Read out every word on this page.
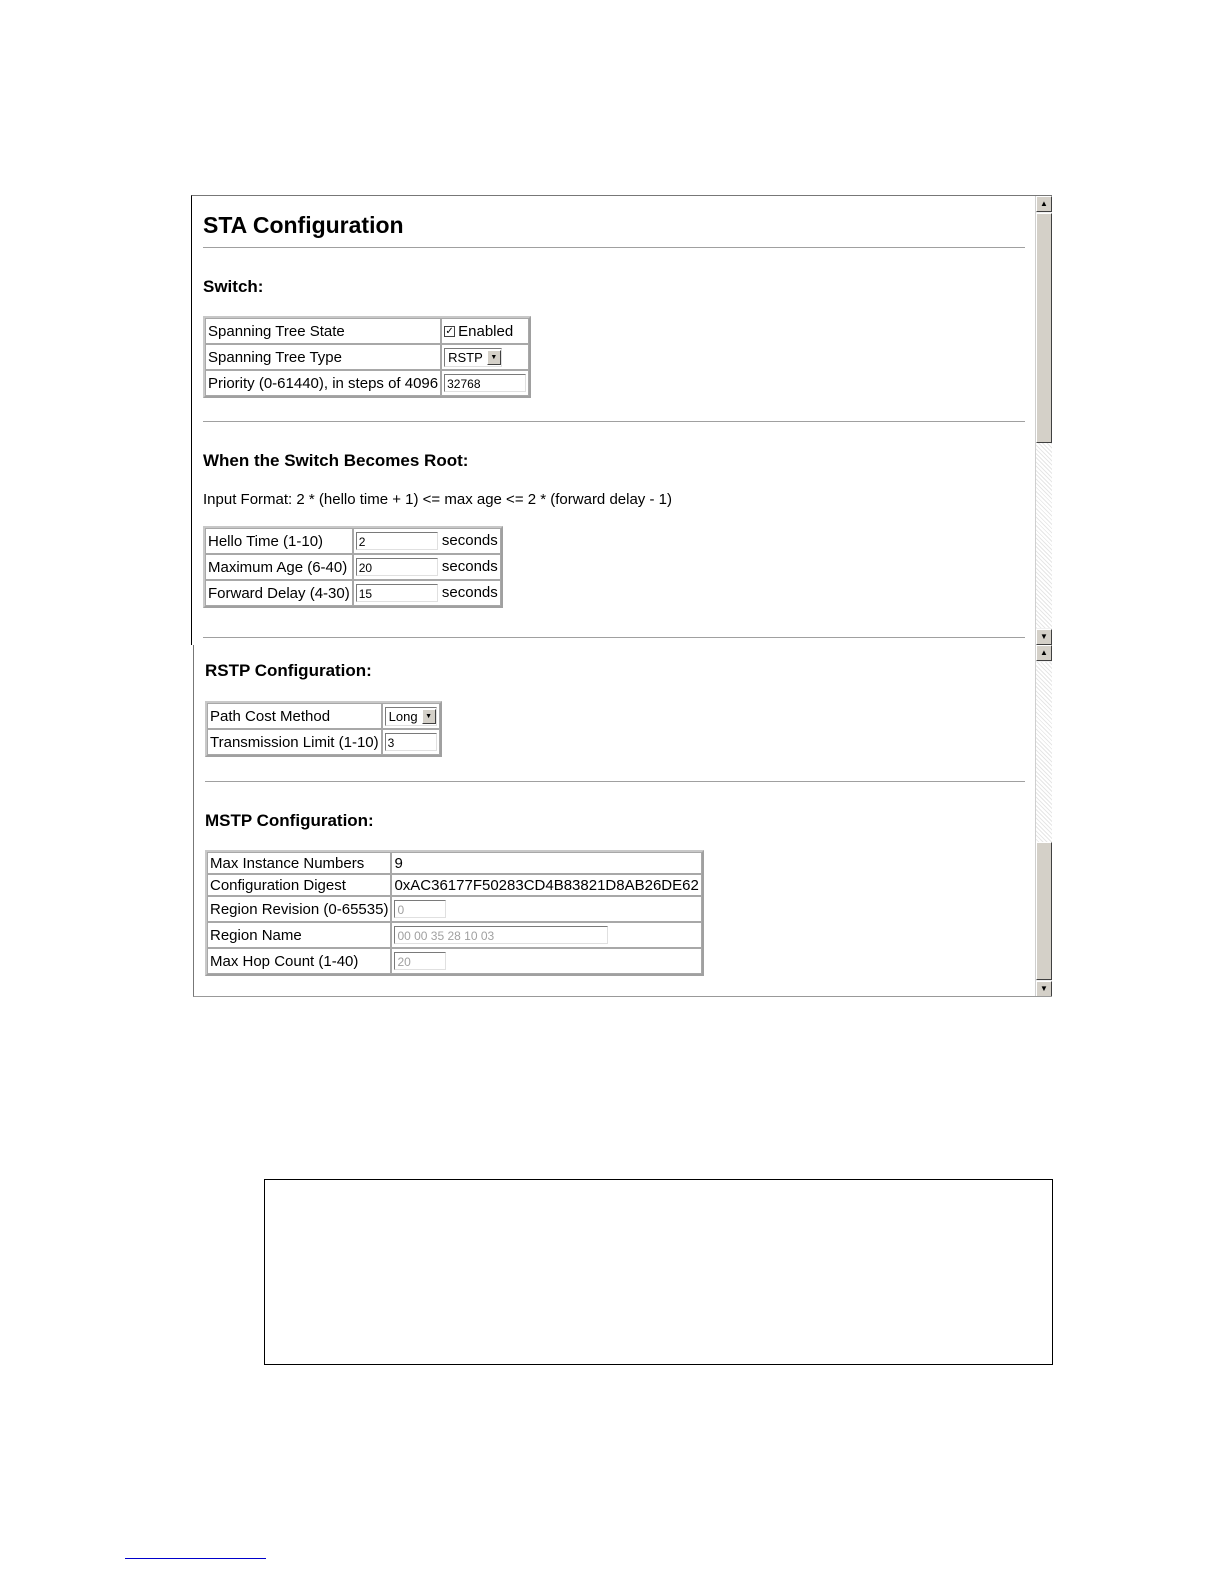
STA Configuration
Switch:
Spanning Tree State	✓ Enabled
Spanning Tree Type	RSTP ▼

Priority (0-61440), in steps of 4096	32768
When the Switch Becomes Root:
Input Format: 2 * (hello time + 1) <= max age <= 2 * (forward delay - 1)
Hello Time (1-10)	2 seconds
Maximum Age (6-40)	20 seconds
Forward Delay (4-30)	15 seconds
▲
▼
RSTP Configuration:
Path Cost Method	Long ▼

Transmission Limit (1-10)	3
MSTP Configuration:
Max Instance Numbers	9
Configuration Digest	0xAC36177F50283CD4B83821D8AB26DE62
Region Revision (0-65535)	0
Region Name	00 00 35 28 10 03
Max Hop Count (1-40)	20
▲
▼
